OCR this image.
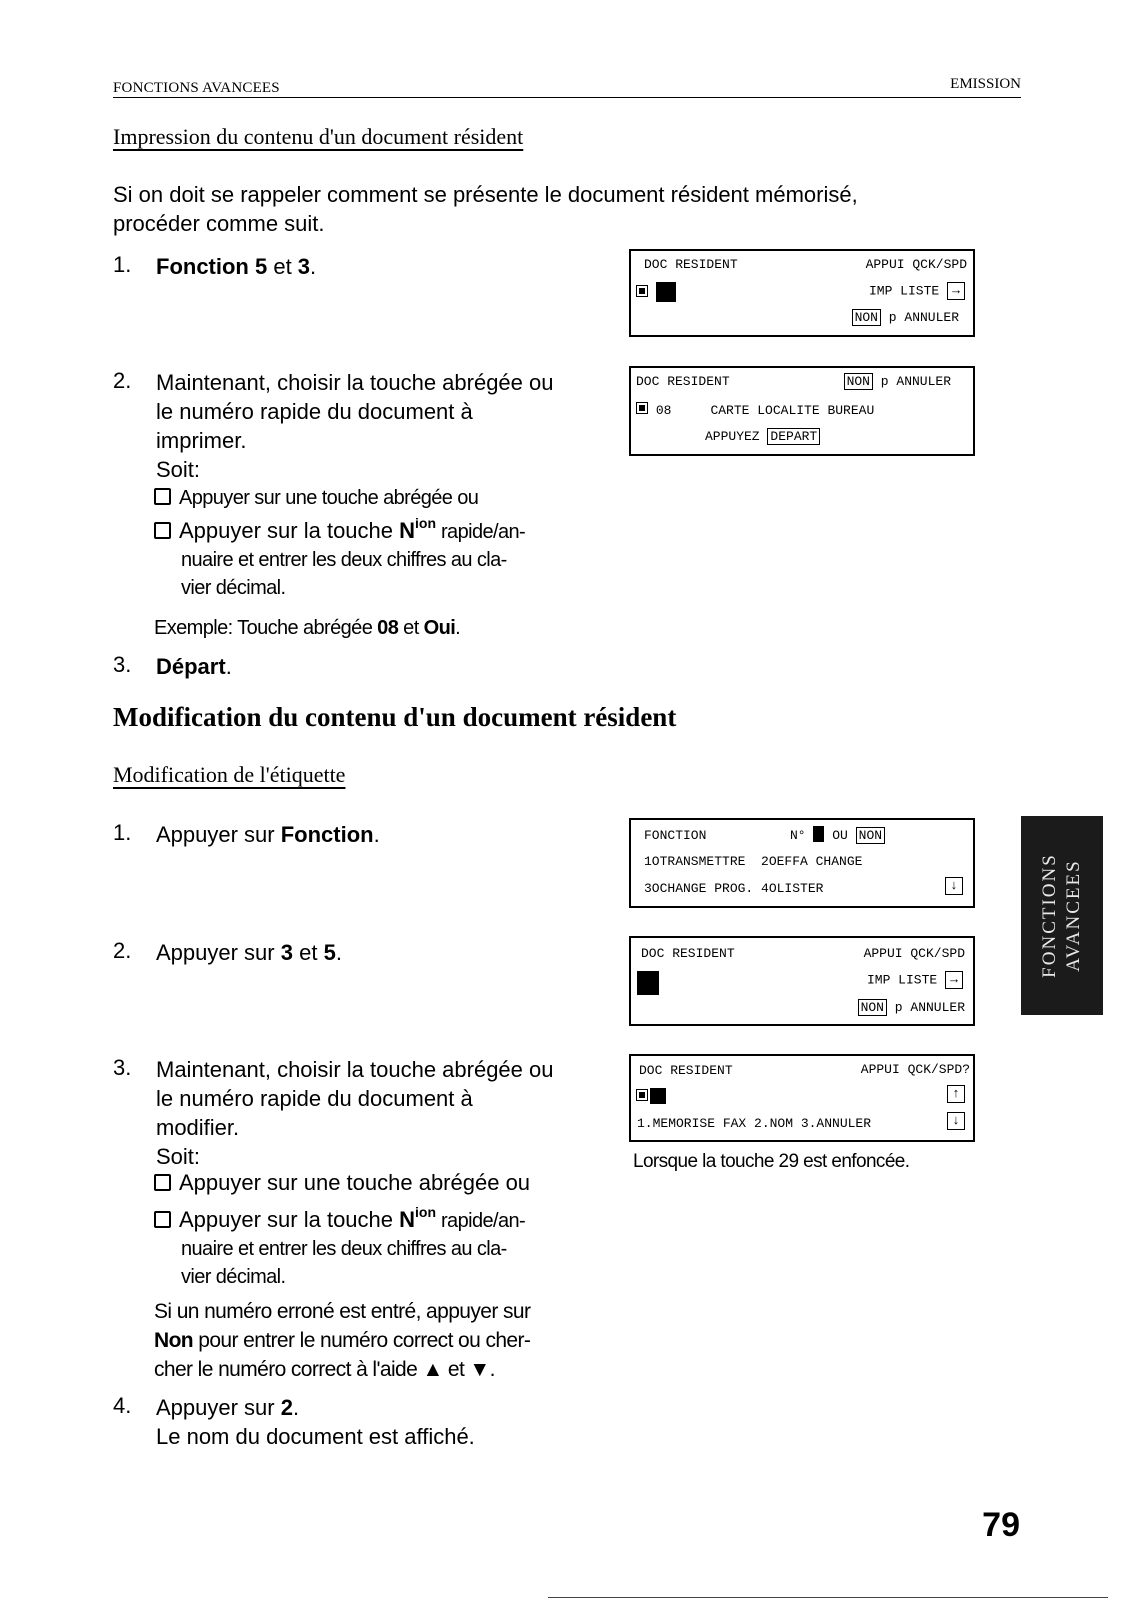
FONCTIONS AVANCEES	EMISSION
Impression du contenu d'un document résident
Si on doit se rappeler comment se présente le document résident mémorisé,
procéder comme suit.
1. Fonction 5 et 3.	DOC RESIDENT	APPUI QCK/SPD

IMP LISTE →
NON p ANNULER
2. Maintenant, choisir la touche abrégée ou
le numéro rapide du document à
imprimer.
Soit:
Appuyer sur une touche abrégée ou
Appuyer sur la touche $N^{ion}$ rapide/an-
nuaire et entrer les deux chiffres au cla-
vier décimal.
Exemple: Touche abrégée 08 et Oui.
DOC RESIDENT	NON p ANNULER
08	CARTE LOCALITE BUREAU
APPUYEZ DEPART
3. Départ.
Modification du contenu d'un document résident
Modification de l'étiquette
1. Appuyer sur Fonction.	FONCTION	N°  OU NON
1OTRANSMETTRE  2OEFFA CHANGE
3OCHANGE PROG. 4OLISTER	↓
2. Appuyer sur 3 et 5.	DOC RESIDENT	APPUI QCK/SPD
IMP LISTE →
NON p ANNULER
3. Maintenant, choisir la touche abrégée ou
le numéro rapide du document à
modifier.
Soit:
Appuyer sur une touche abrégée ou
Appuyer sur la touche $N^{ion}$ rapide/an-
nuaire et entrer les deux chiffres au cla-
vier décimal.
Si un numéro erroné est entré, appuyer sur
Non pour entrer le numéro correct ou cher-
cher le numéro correct à l'aide ▲ et ▼.
DOC RESIDENT	APPUI QCK/SPD?
↑
1.MEMORISE FAX 2.NOM 3.ANNULER	↓
Lorsque la touche 29 est enfoncée.
4. Appuyer sur 2.
Le nom du document est affiché.
FONCTIONS AVANCEES
79
